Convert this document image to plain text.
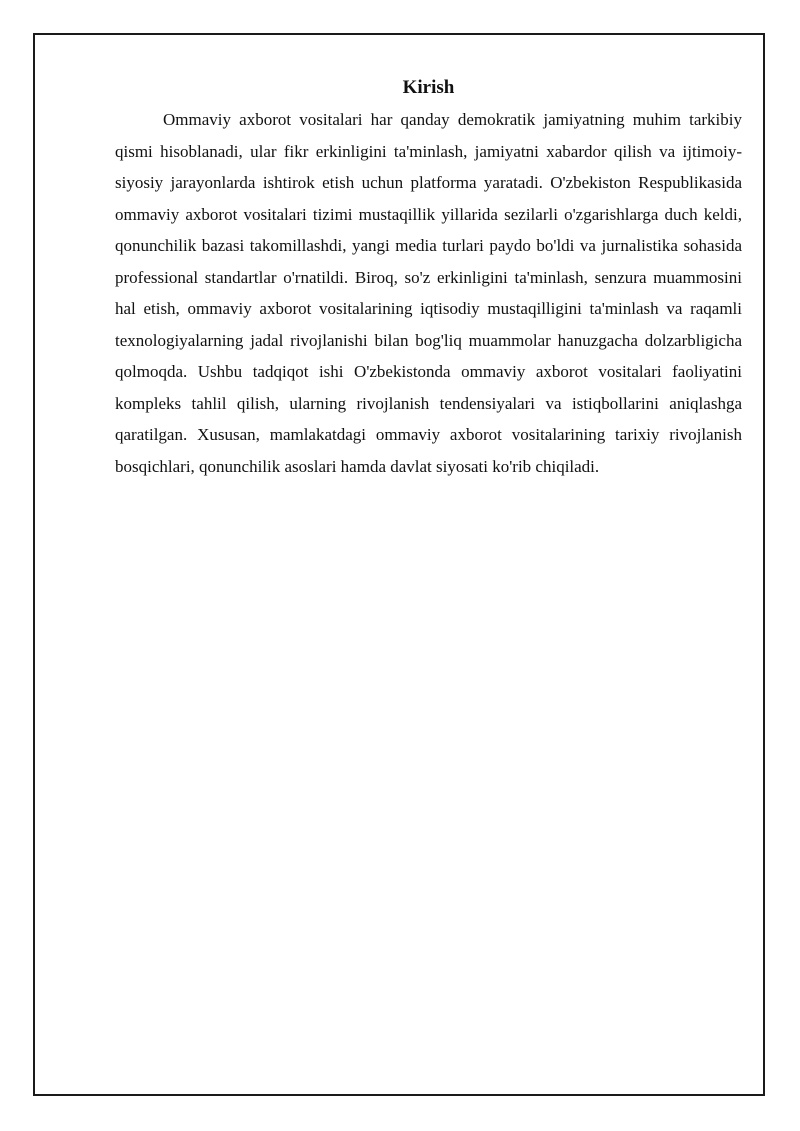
Kirish

Ommaviy axborot vositalari har qanday demokratik jamiyatning muhim tarkibiy qismi hisoblanadi, ular fikr erkinligini ta'minlash, jamiyatni xabardor qilish va ijtimoiy-siyosiy jarayonlarda ishtirok etish uchun platforma yaratadi. O'zbekiston Respublikasida ommaviy axborot vositalari tizimi mustaqillik yillarida sezilarli o'zgarishlarga duch keldi, qonunchilik bazasi takomillashdi, yangi media turlari paydo bo'ldi va jurnalistika sohasida professional standartlar o'rnatildi. Biroq, so'z erkinligini ta'minlash, senzura muammosini hal etish, ommaviy axborot vositalarining iqtisodiy mustaqilligini ta'minlash va raqamli texnologiyalarning jadal rivojlanishi bilan bog'liq muammolar hanuzgacha dolzarbligicha qolmoqda. Ushbu tadqiqot ishi O'zbekistonda ommaviy axborot vositalari faoliyatini kompleks tahlil qilish, ularning rivojlanish tendensiyalari va istiqbollarini aniqlashga qaratilgan. Xususan, mamlakatdagi ommaviy axborot vositalarining tarixiy rivojlanish bosqichlari, qonunchilik asoslari hamda davlat siyosati ko'rib chiqiladi.
